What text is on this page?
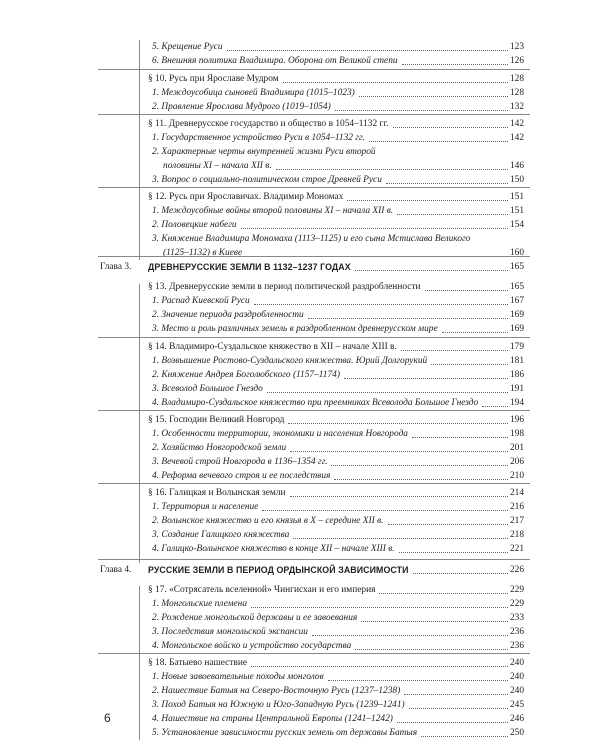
5. Крещение Руси	123
6. Внешняя политика Владимира. Оборона от Великой степи	126
§ 10. Русь при Ярославе Мудром	128
1. Междоусобица сыновей Владимира (1015–1023)	128
2. Правление Ярослава Мудрого (1019–1054)	132
§ 11. Древнерусское государство и общество в 1054–1132 гг.	142
1. Государственное устройство Руси в 1054–1132 гг.	142
2. Характерные черты внутренней жизни Руси второй
половины XI – начала XII в.	146
3. Вопрос о социально-политическом строе Древней Руси	150
§ 12. Русь при Ярославичах. Владимир Мономах	151
1. Междоусобные войны второй половины XI – начала XII в.	151
2. Половецкие набеги	154
3. Княжение Владимира Мономаха (1113–1125) и его сына Мстислава Великого
(1125–1132) в Киеве	160
Глава 3. ДРЕВНЕРУССКИЕ ЗЕМЛИ В 1132–1237 ГОДАХ	165
§ 13. Древнерусские земли в период политической раздробленности	165
1. Распад Киевской Руси	167
2. Значение периода раздробленности	169
3. Место и роль различных земель в раздробленном древнерусском мире	169
§ 14. Владимиро-Суздальское княжество в XII – начале XIII в.	179
1. Возвышение Ростово-Суздальского княжества. Юрий Долгорукий	181
2. Княжение Андрея Боголюбского (1157–1174)	186
3. Всеволод Большое Гнездо	191
4. Владимиро-Суздальское княжество при преемниках Всеволода Большое Гнездо	194
§ 15. Господин Великий Новгород	196
1. Особенности территории, экономики и населения Новгорода	198
2. Хозяйство Новгородской земли	201
3. Вечевой строй Новгорода в 1136–1354 гг.	206
4. Реформа вечевого строя и ее последствия	210
§ 16. Галицкая и Волынская земли	214
1. Территория и население	216
2. Волынское княжество и его князья в X – середине XII в.	217
3. Создание Галицкого княжества	218
4. Галицко-Волынское княжество в конце XII – начале XIII в.	221
Глава 4. РУССКИЕ ЗЕМЛИ В ПЕРИОД ОРДЫНСКОЙ ЗАВИСИМОСТИ	226
§ 17. «Сотрясатель вселенной» Чингисхан и его империя	229
1. Монгольские племена	229
2. Рождение монгольской державы и ее завоевания	233
3. Последствия монгольской экспансии	236
4. Монгольское войско и устройство государства	236
§ 18. Батыево нашествие	240
1. Новые завоевательные походы монголов	240
2. Нашествие Батыя на Северо-Восточную Русь (1237–1238)	240
3. Поход Батыя на Южную и Юго-Западную Русь (1239–1241)	245
4. Нашествие на страны Центральной Европы (1241–1242)	246
5. Установление зависимости русских земель от державы Батыя	250
6
